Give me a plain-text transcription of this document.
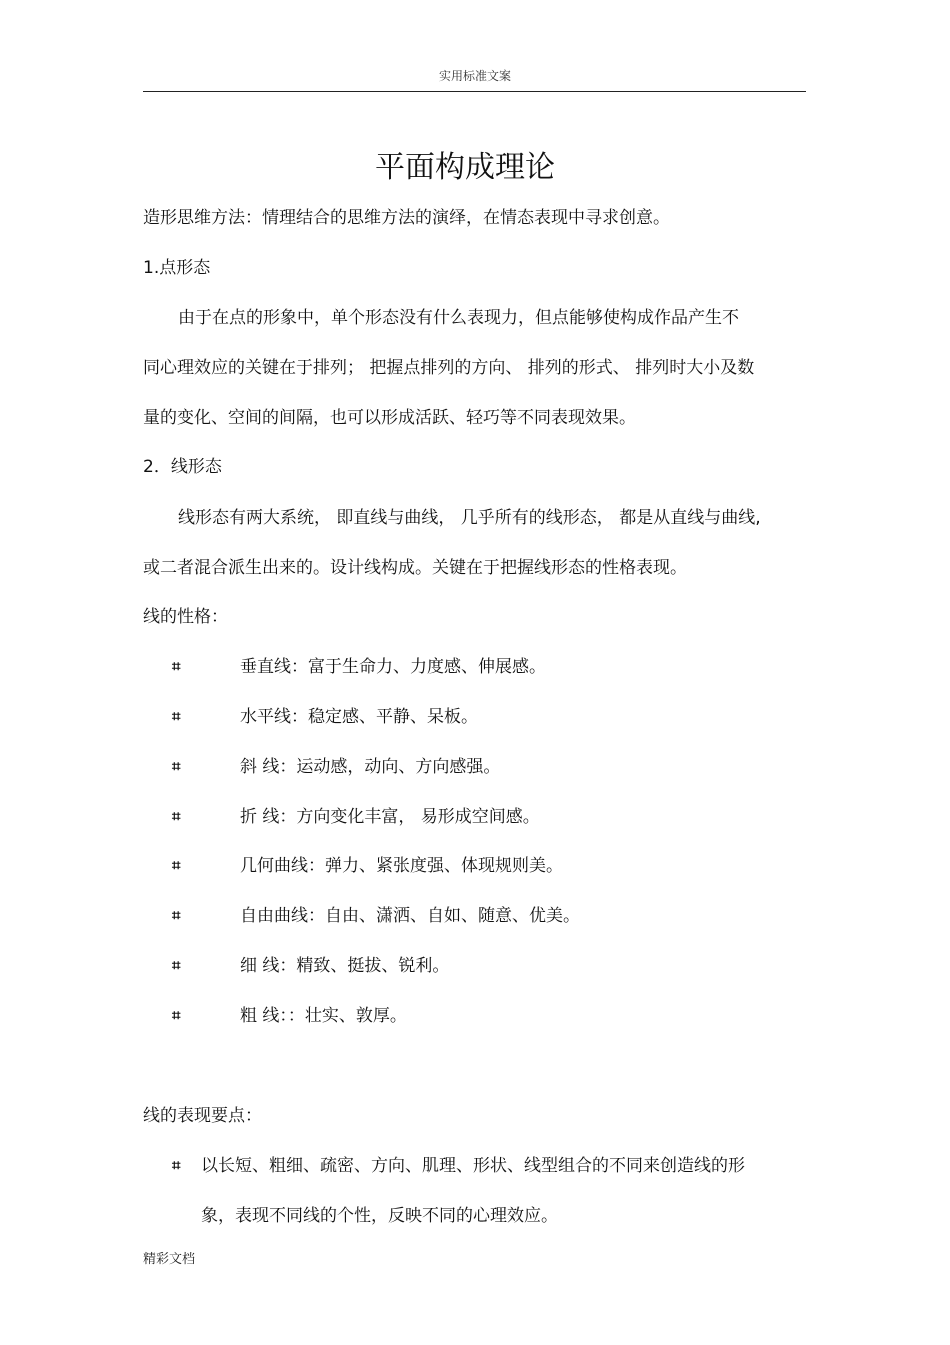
实用标准文案
平面构成理论
造形思维方法：情理结合的思维方法的演绎，在情态表现中寻求创意。
1.点形态
由于在点的形象中，单个形态没有什么表现力，但点能够使构成作品产生不
同心理效应的关键在于排列； 把握点排列的方向、 排列的形式、 排列时大小及数
量的变化、空间的间隔，也可以形成活跃、轻巧等不同表现效果。
2．线形态
线形态有两大系统， 即直线与曲线， 几乎所有的线形态， 都是从直线与曲线,
或二者混合派生出来的。设计线构成。关键在于把握线形态的性格表现。
线的性格：
⌗	垂直线：富于生命力、力度感、伸展感。
⌗	水平线：稳定感、平静、呆板。
⌗	斜 线：运动感，动向、方向感强。
⌗	折 线：方向变化丰富， 易形成空间感。
⌗	几何曲线：弹力、紧张度强、体现规则美。
⌗	自由曲线：自由、潇洒、自如、随意、优美。
⌗	细 线：精致、挺拔、锐利。
⌗	粗 线：：壮实、敦厚。
线的表现要点：
⌗ 以长短、粗细、疏密、方向、肌理、形状、线型组合的不同来创造线的形
象，表现不同线的个性，反映不同的心理效应。
精彩文档
